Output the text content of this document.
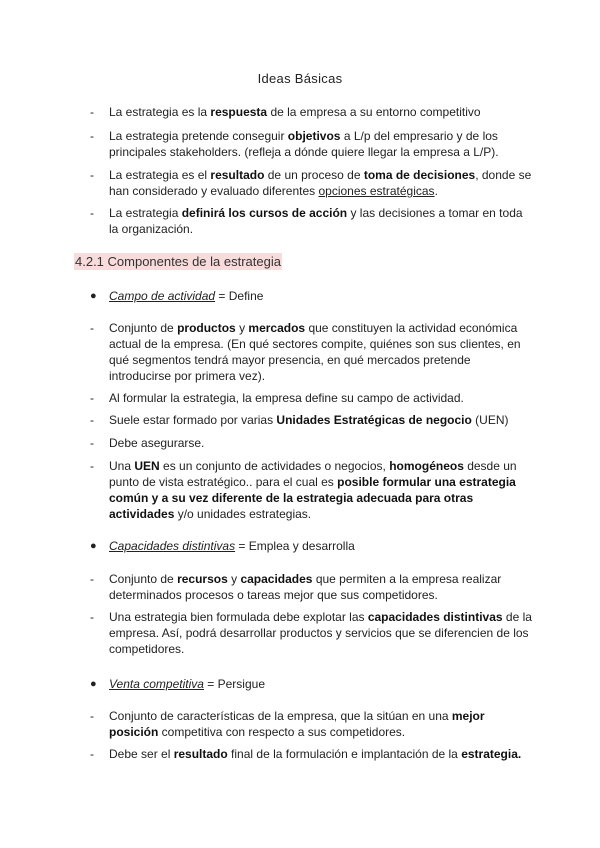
Ideas Básicas
- La estrategia es la respuesta de la empresa a su entorno competitivo
- La estrategia pretende conseguir objetivos a L/p del empresario y de los principales stakeholders. (refleja a dónde quiere llegar la empresa a L/P).
- La estrategia es el resultado de un proceso de toma de decisiones, donde se han considerado y evaluado diferentes opciones estratégicas.
- La estrategia definirá los cursos de acción y las decisiones a tomar en toda la organización.
4.2.1 Componentes de la estrategia
● Campo de actividad = Define
- Conjunto de productos y mercados que constituyen la actividad económica actual de la empresa. (En qué sectores compite, quiénes son sus clientes, en qué segmentos tendrá mayor presencia, en qué mercados pretende introducirse por primera vez).
- Al formular la estrategia, la empresa define su campo de actividad.
- Suele estar formado por varias Unidades Estratégicas de negocio (UEN)
- Debe asegurarse.
- Una UEN es un conjunto de actividades o negocios, homogéneos desde un punto de vista estratégico.. para el cual es posible formular una estrategia común y a su vez diferente de la estrategia adecuada para otras actividades y/o unidades estrategias.
● Capacidades distintivas = Emplea y desarrolla
- Conjunto de recursos y capacidades que permiten a la empresa realizar determinados procesos o tareas mejor que sus competidores.
- Una estrategia bien formulada debe explotar las capacidades distintivas de la empresa. Así, podrá desarrollar productos y servicios que se diferencien de los competidores.
● Venta competitiva = Persigue
- Conjunto de características de la empresa, que la sitúan en una mejor posición competitiva con respecto a sus competidores.
- Debe ser el resultado final de la formulación e implantación de la estrategia.
